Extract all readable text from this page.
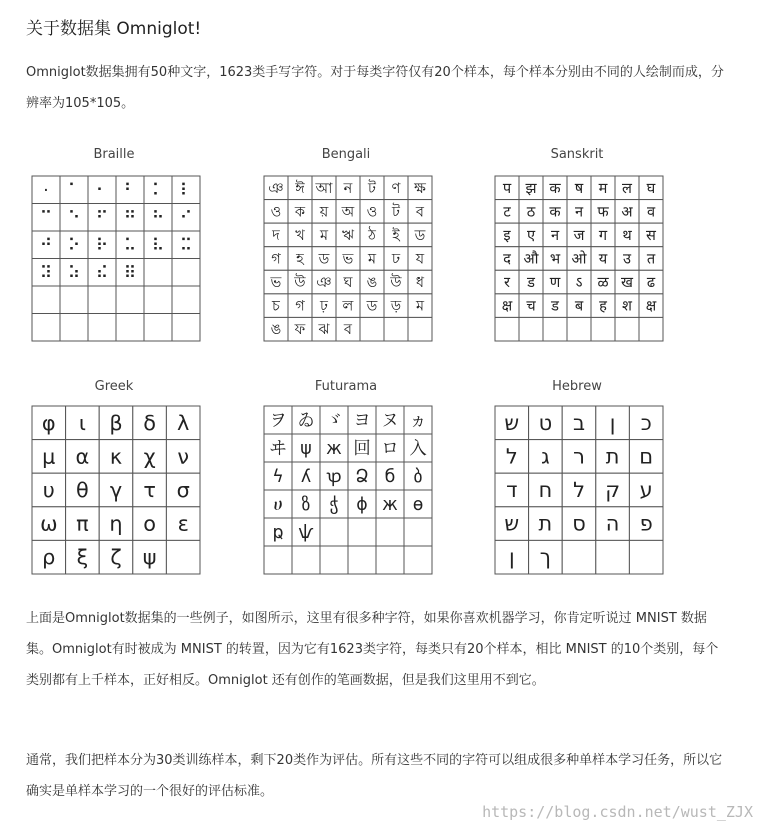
关于数据集 Omniglot!

Omniglot数据集拥有50种文字，1623类手写字符。对于每类字符仅有20个样本，每个样本分别由不同的人绘制而成，分辨率为105*105。

Braille	Bengali	Sanskrit
Greek	Futurama	Hebrew
· ⠁ ⠂ ⠃ ⠅ ⠇
⠉ ⠑ ⠋ ⠛ ⠓ ⠊
⠚ ⠕ ⠗ ⠥ ⠧ ⠭
⠽ ⠵ ⠮ ⠿
ঞ ঈ আ ন ট ণ ক্ষ
ও ক য় অ ও ট ব
দ খ ম ঋ ঠ ই ড
গ হ ড ভ ম ঢ য
ভ উ ঞ ঘ ঙ উ ধ
চ গ ঢ় ল ড ড় ম
ঙ ফ ঝ ব
प झ क ष म ल घ
ट ठ क न फ अ व
इ ए न ज ग थ स
द औ भ ओ य उ त
र ड ण ऽ ळ ख ढ
क्ष च ड ब ह श क्ष
φ ι β δ λ
μ α κ χ ν
υ θ γ τ σ
ω π η ο ε
ρ ξ ζ ψ
ヲ ゐ ゞ ヨ ヌ ヵ
ヰ ψ ж 回 ロ 入
ϟ ʎ ꝕ Ձ б ბ
ሀ ზ ჭ ϕ ж ө
ҏ ѱ
ש ט ב ן כ
ל ג ר ת ם
ד ח ל ק ע
ש ת ס ה פ
ן ך

上面是Omniglot数据集的一些例子，如图所示，这里有很多种字符，如果你喜欢机器学习，你肯定听说过 MNIST 数据集。Omniglot有时被成为 MNIST 的转置，因为它有1623类字符，每类只有20个样本，相比 MNIST 的10个类别，每个类别都有上千样本，正好相反。Omniglot 还有创作的笔画数据，但是我们这里用不到它。

通常，我们把样本分为30类训练样本，剩下20类作为评估。所有这些不同的字符可以组成很多种单样本学习任务，所以它确实是单样本学习的一个很好的评估标准。

https://blog.csdn.net/wust_ZJX
